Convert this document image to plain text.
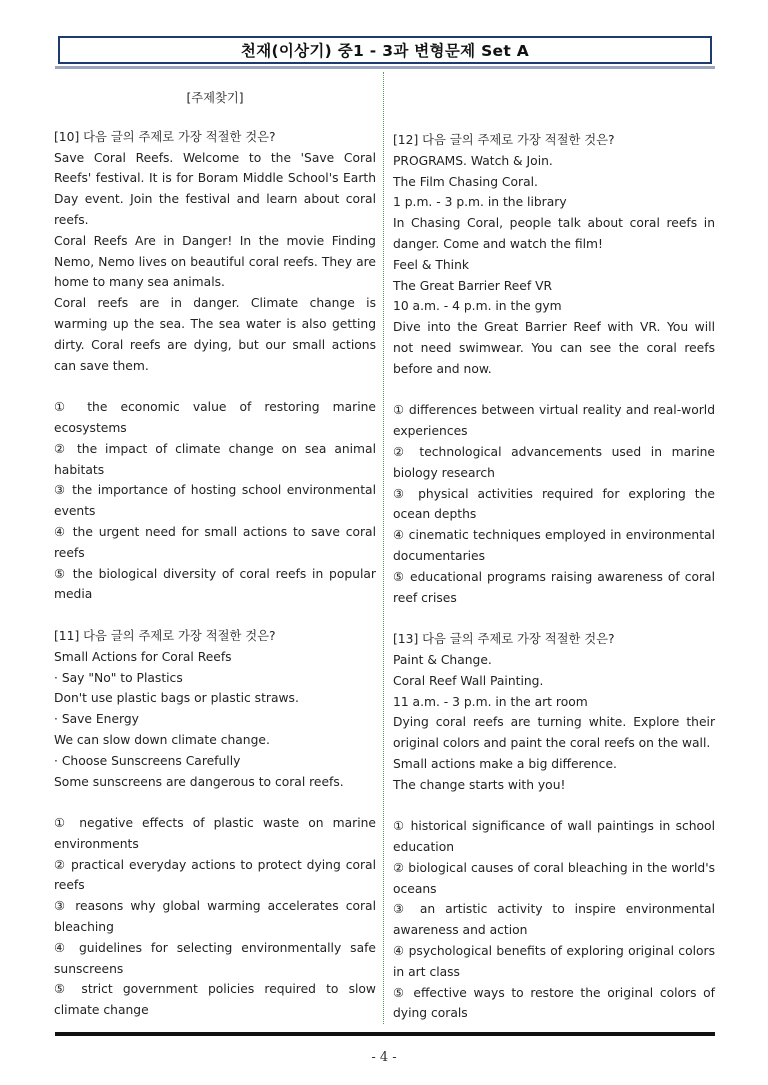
천재(이상기) 중1 - 3과 변형문제 Set A

[주제찾기]

[10] 다음 글의 주제로 가장 적절한 것은?

Save Coral Reefs. Welcome to the 'Save Coral Reefs' festival. It is for Boram Middle School's Earth Day event. Join the festival and learn about coral reefs.

Coral Reefs Are in Danger! In the movie Finding Nemo, Nemo lives on beautiful coral reefs. They are home to many sea animals.

Coral reefs are in danger. Climate change is warming up the sea. The sea water is also getting dirty. Coral reefs are dying, but our small actions can save them.

① the economic value of restoring marine ecosystems

② the impact of climate change on sea animal habitats

③ the importance of hosting school environmental events

④ the urgent need for small actions to save coral reefs

⑤ the biological diversity of coral reefs in popular media

[11] 다음 글의 주제로 가장 적절한 것은?

Small Actions for Coral Reefs

· Say "No" to Plastics

Don't use plastic bags or plastic straws.

· Save Energy

We can slow down climate change.

· Choose Sunscreens Carefully

Some sunscreens are dangerous to coral reefs.

① negative effects of plastic waste on marine environments

② practical everyday actions to protect dying coral reefs

③ reasons why global warming accelerates coral bleaching

④ guidelines for selecting environmentally safe sunscreens

⑤ strict government policies required to slow climate change

[12] 다음 글의 주제로 가장 적절한 것은?

PROGRAMS. Watch & Join.

The Film Chasing Coral.

1 p.m. - 3 p.m. in the library

In Chasing Coral, people talk about coral reefs in danger. Come and watch the film!

Feel & Think

The Great Barrier Reef VR

10 a.m. - 4 p.m. in the gym

Dive into the Great Barrier Reef with VR. You will not need swimwear. You can see the coral reefs before and now.

① differences between virtual reality and real-world experiences

② technological advancements used in marine biology research

③ physical activities required for exploring the ocean depths

④ cinematic techniques employed in environmental documentaries

⑤ educational programs raising awareness of coral reef crises

[13] 다음 글의 주제로 가장 적절한 것은?

Paint & Change.

Coral Reef Wall Painting.

11 a.m. - 3 p.m. in the art room

Dying coral reefs are turning white. Explore their original colors and paint the coral reefs on the wall.

Small actions make a big difference.

The change starts with you!

① historical significance of wall paintings in school education

② biological causes of coral bleaching in the world's oceans

③ an artistic activity to inspire environmental awareness and action

④ psychological benefits of exploring original colors in art class

⑤ effective ways to restore the original colors of dying corals

- 4 -
